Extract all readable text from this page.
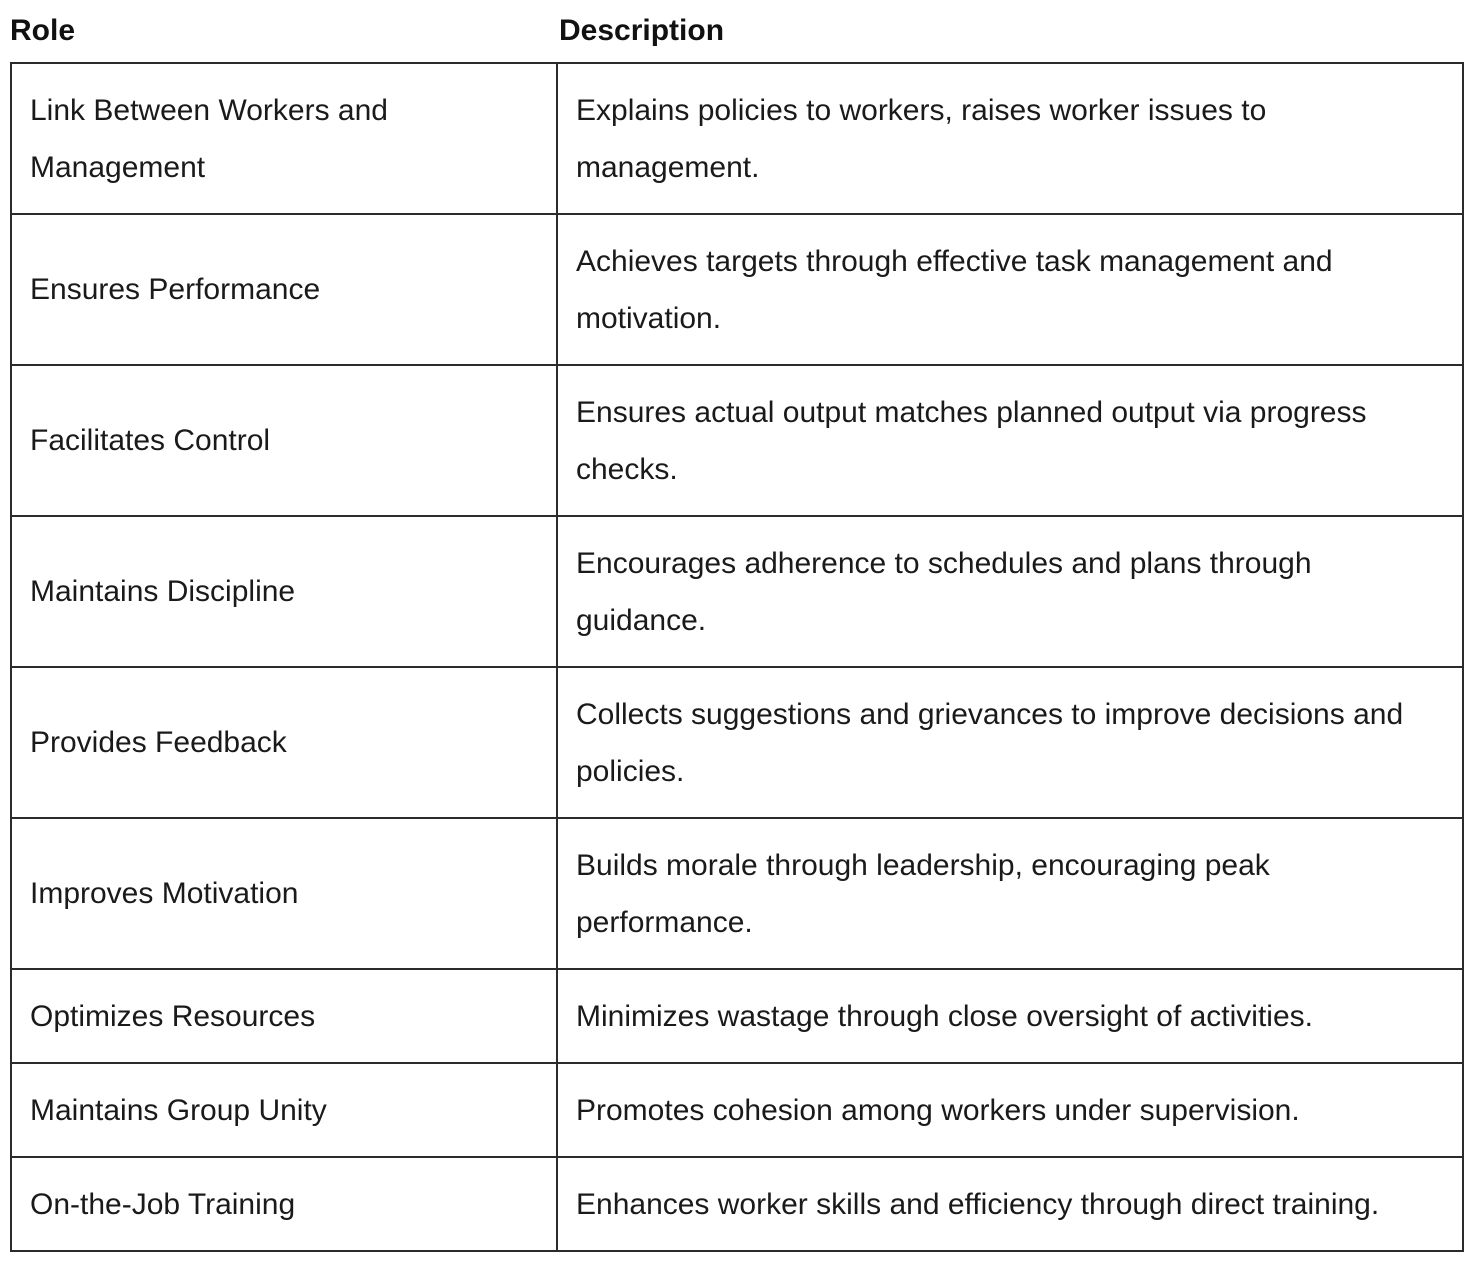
Role	Description
Link Between Workers and Management	Explains policies to workers, raises worker issues to management.
Ensures Performance	Achieves targets through effective task management and motivation.
Facilitates Control	Ensures actual output matches planned output via progress checks.
Maintains Discipline	Encourages adherence to schedules and plans through guidance.
Provides Feedback	Collects suggestions and grievances to improve decisions and policies.
Improves Motivation	Builds morale through leadership, encouraging peak performance.
Optimizes Resources	Minimizes wastage through close oversight of activities.
Maintains Group Unity	Promotes cohesion among workers under supervision.
On-the-Job Training	Enhances worker skills and efficiency through direct training.
